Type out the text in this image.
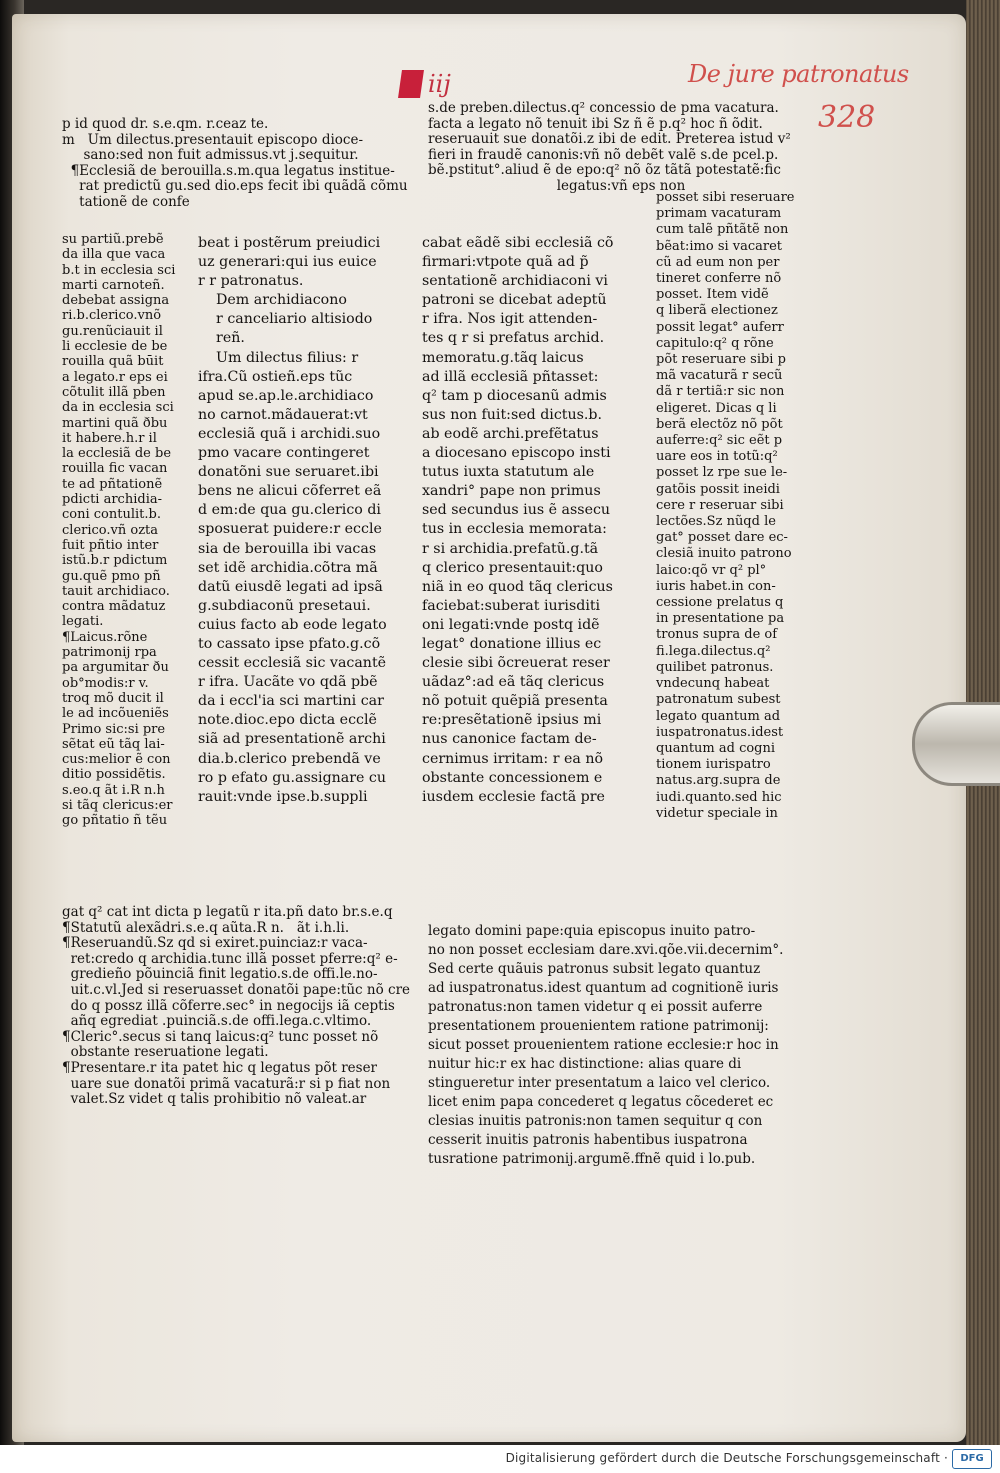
iij	De jure patronatus
328
p id quod dr. s.e.qm. r.ceaz te.
m   Um dilectus.presentauit episcopo dioce-
sano:sed non fuit admissus.vt j.sequitur.
¶Ecclesiã de berouilla.s.m.qua legatus institue-
rat predictũ gu.sed dio.eps fecit ibi quãdã cõmu
tationẽ de confe
s.de preben.dilectus.q² concessio de pma vacatura.
facta a legato nõ tenuit ibi Sz ñ ẽ p.q² hoc ñ õdit.
reseruauit sue donatõi.z ibi de edit. Preterea istud v²
fieri in fraudẽ canonis:vñ nõ debẽt valẽ s.de pcel.p.
bẽ.pstitut°.aliud ẽ de epo:q² nõ õz tãtã potestatẽ:fic
legatus:vñ eps non
su partiũ.prebẽ
da illa que vaca
b.t in ecclesia sci
marti carnoteñ.
debebat assigna
ri.b.clerico.vnõ
gu.renũciauit il
li ecclesie de be
rouilla quã būit
a legato.r eps ei
cõtulit illã pben
da in ecclesia sci
martini quã ðbu
it habere.h.r il
la ecclesiã de be
rouilla fic vacan
te ad pñtationẽ
pdicti archidia-
coni contulit.b.
clerico.vñ ozta
fuit pñtio inter
istũ.b.r pdictum
gu.quẽ pmo pñ
tauit archidiaco.
contra mãdatuz
legati.
¶Laicus.rõne
patrimonij rpa
pa argumitar ðu
ob°modis:r v.
troq mõ ducit il
le ad incõueniẽs
Primo sic:si pre
sẽtat eũ tãq lai-
cus:melior ẽ con
ditio possidẽtis.
s.eo.q ãt i.R n.h
si tãq clericus:er
go pñtatio ñ tẽu
beat i postẽrum preiudici
uz generari:qui ius euice
r r patronatus.
Dem archidiacono
r canceliario altisiodo
reñ.
Um dilectus filius: r
ifra.Cũ ostieñ.eps tũc
apud se.ap.le.archidiaco
no carnot.mãdauerat:vt
ecclesiã quã i archidi.suo
pmo vacare contingeret
donatõni sue seruaret.ibi
bens ne alicui cõferret eã
d em:de qua gu.clerico di
sposuerat puidere:r eccle
sia de berouilla ibi vacas
set idẽ archidia.cõtra mã
datũ eiusdẽ legati ad ipsã
g.subdiaconũ presetaui.
cuius facto ab eode legato
to cassato ipse pfato.g.cõ
cessit ecclesiã sic vacantẽ
r ifra. Uacãte vo qdã pbẽ
da i eccl'ia sci martini car
note.dioc.epo dicta ecclẽ
siã ad presentationẽ archi
dia.b.clerico prebendã ve
ro p efato gu.assignare cu
rauit:vnde ipse.b.suppli
cabat eãdẽ sibi ecclesiã cõ
firmari:vtpote quã ad p̃
sentationẽ archidiaconi vi
patroni se dicebat adeptũ
r ifra. Nos igit attenden-
tes q r si prefatus archid.
memoratu.g.tãq laicus
ad illã ecclesiã pñtasset:
q² tam p diocesanũ admis
sus non fuit:sed dictus.b.
ab eodẽ archi.prefẽtatus
a diocesano episcopo insti
tutus iuxta statutum ale
xandri° pape non primus
sed secundus ius ẽ assecu
tus in ecclesia memorata:
r si archidia.prefatũ.g.tã
q clerico presentauit:quo
niã in eo quod tãq clericus
faciebat:suberat iurisditi
oni legati:vnde postq idẽ
legat° donatione illius ec
clesie sibi õcreuerat reser
uãdaz°:ad eã tãq clericus
nõ potuit quẽpiã presenta
re:presẽtationẽ ipsius mi
nus canonice factam de-
cernimus irritam: r ea nõ
obstante concessionem e
iusdem ecclesie factã pre
posset sibi reseruare
primam vacaturam
cum talẽ pñtãtẽ non
bẽat:imo si vacaret
cũ ad eum non per
tineret conferre nõ
posset. Item vidẽ
q liberã electionez
possit legat° auferr
capitulo:q² q rõne
põt reseruare sibi p
mã vacaturã r secũ
dã r tertiã:r sic non
eligeret. Dicas q li
berã electõz nõ põt
auferre:q² sic eẽt p
uare eos in totũ:q²
posset lz rpe sue le-
gatõis possit ineidi
cere r reseruar sibi
lectões.Sz nũqd le
gat° posset dare ec-
clesiã inuito patrono
laico:qõ vr q² pl°
iuris habet.in con-
cessione prelatus q
in presentatione pa
tronus supra de of
fi.lega.dilectus.q²
quilibet patronus.
vndecunq habeat
patronatum subest
legato quantum ad
iuspatronatus.idest
quantum ad cogni
tionem iurispatro
natus.arg.supra de
iudi.quanto.sed hic
videtur speciale in
gat q² cat int dicta p legatũ r ita.pñ dato br.s.e.q
¶Statutũ alexãdri.s.e.q aũta.R n.   ãt i.h.li.
¶Reseruandũ.Sz qd si exiret.puinciaz:r vaca-
ret:credo q archidia.tunc illã posset pferre:q² e-
gredieño põuinciã finit legatio.s.de offi.le.no-
uit.c.vl.Jed si reseruasset donatõi pape:tũc nõ cre
do q possz illã cõferre.sec° in negocijs iã ceptis
añq egrediat .puinciã.s.de offi.lega.c.vltimo.
¶Cleric°.secus si tanq laicus:q² tunc posset nõ
obstante reseruatione legati.
¶Presentare.r ita patet hic q legatus põt reser
uare sue donatõi primã vacaturã:r si p fiat non
valet.Sz videt q talis prohibitio nõ valeat.ar
legato domini pape:quia episcopus inuito patro-
no non posset ecclesiam dare.xvi.qõe.vii.decernim°.
Sed certe quãuis patronus subsit legato quantuz
ad iuspatronatus.idest quantum ad cognitionẽ iuris
patronatus:non tamen videtur q ei possit auferre
presentationem prouenientem ratione patrimonij:
sicut posset prouenientem ratione ecclesie:r hoc in
nuitur hic:r ex hac distinctione: alias quare di
stingueretur inter presentatum a laico vel clerico.
licet enim papa concederet q legatus cõcederet ec
clesias inuitis patronis:non tamen sequitur q con
cesserit inuitis patronis habentibus iuspatrona
tusratione patrimonij.argumẽ.ffnẽ quid i lo.pub.
Digitalisierung gefördert durch die Deutsche Forschungsgemeinschaft ·	DFG
